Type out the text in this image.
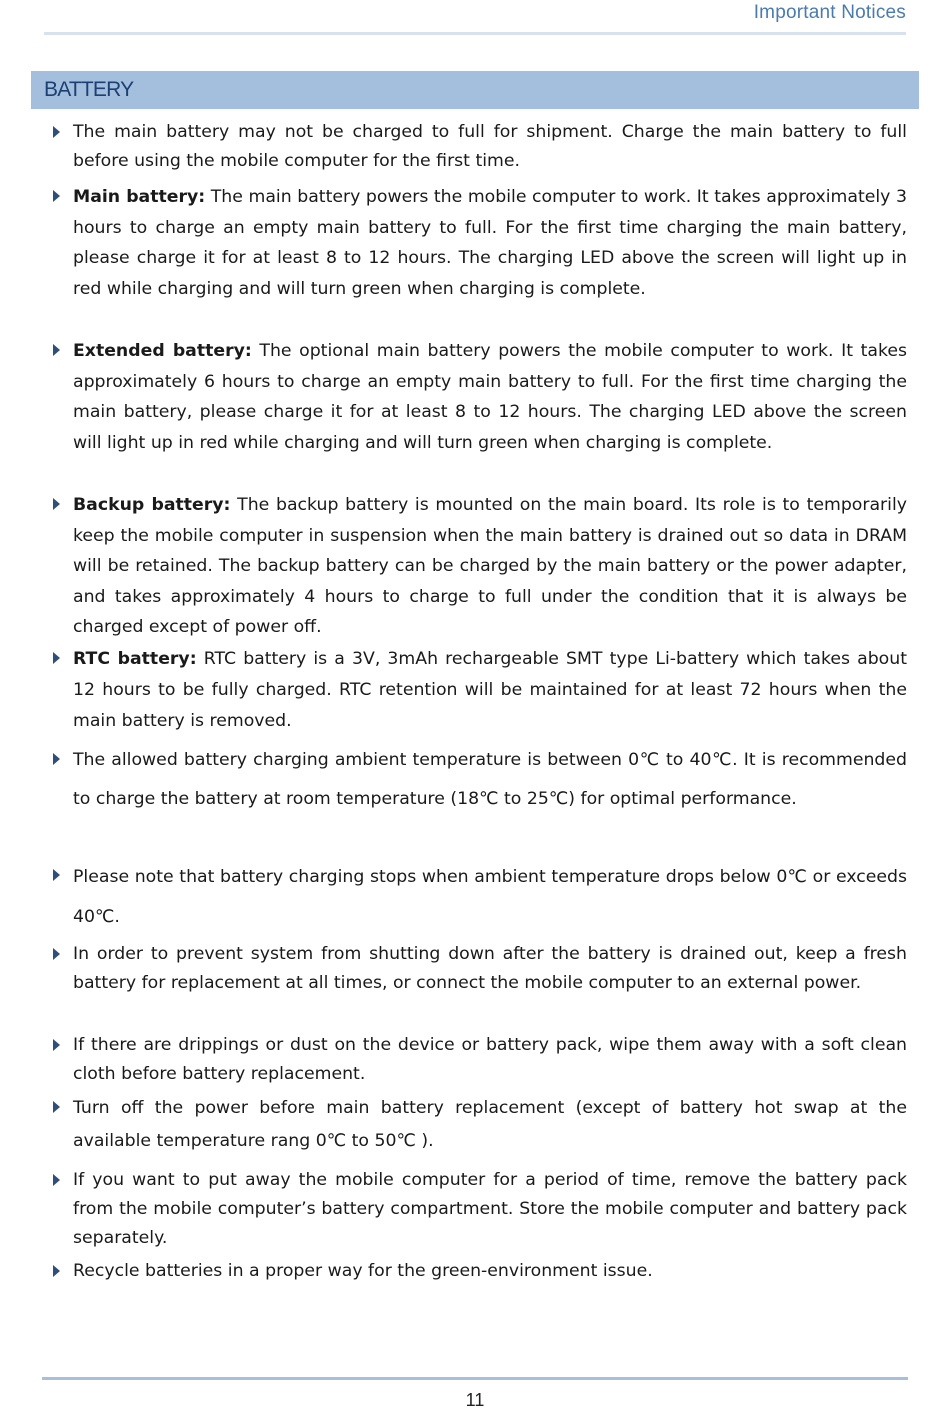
Important Notices
BATTERY
The main battery may not be charged to full for shipment. Charge the main battery to full before using the mobile computer for the first time.
Main battery: The main battery powers the mobile computer to work. It takes approximately 3 hours to charge an empty main battery to full. For the first time charging the main battery, please charge it for at least 8 to 12 hours. The charging LED above the screen will light up in red while charging and will turn green when charging is complete.
Extended battery: The optional main battery powers the mobile computer to work. It takes approximately 6 hours to charge an empty main battery to full. For the first time charging the main battery, please charge it for at least 8 to 12 hours. The charging LED above the screen will light up in red while charging and will turn green when charging is complete.
Backup battery: The backup battery is mounted on the main board. Its role is to temporarily keep the mobile computer in suspension when the main battery is drained out so data in DRAM will be retained. The backup battery can be charged by the main battery or the power adapter, and takes approximately 4 hours to charge to full under the condition that it is always be charged except of power off.
RTC battery: RTC battery is a 3V, 3mAh rechargeable SMT type Li-battery which takes about 12 hours to be fully charged. RTC retention will be maintained for at least 72 hours when the main battery is removed.
The allowed battery charging ambient temperature is between 0℃ to 40℃. It is recommended to charge the battery at room temperature (18℃ to 25℃) for optimal performance.
Please note that battery charging stops when ambient temperature drops below 0℃ or exceeds 40℃.
In order to prevent system from shutting down after the battery is drained out, keep a fresh battery for replacement at all times, or connect the mobile computer to an external power.
If there are drippings or dust on the device or battery pack, wipe them away with a soft clean cloth before battery replacement.
Turn off the power before main battery replacement (except of battery hot swap at the available temperature rang 0℃ to 50℃ ).
If you want to put away the mobile computer for a period of time, remove the battery pack from the mobile computer’s battery compartment. Store the mobile computer and battery pack separately.
Recycle batteries in a proper way for the green-environment issue.
11
